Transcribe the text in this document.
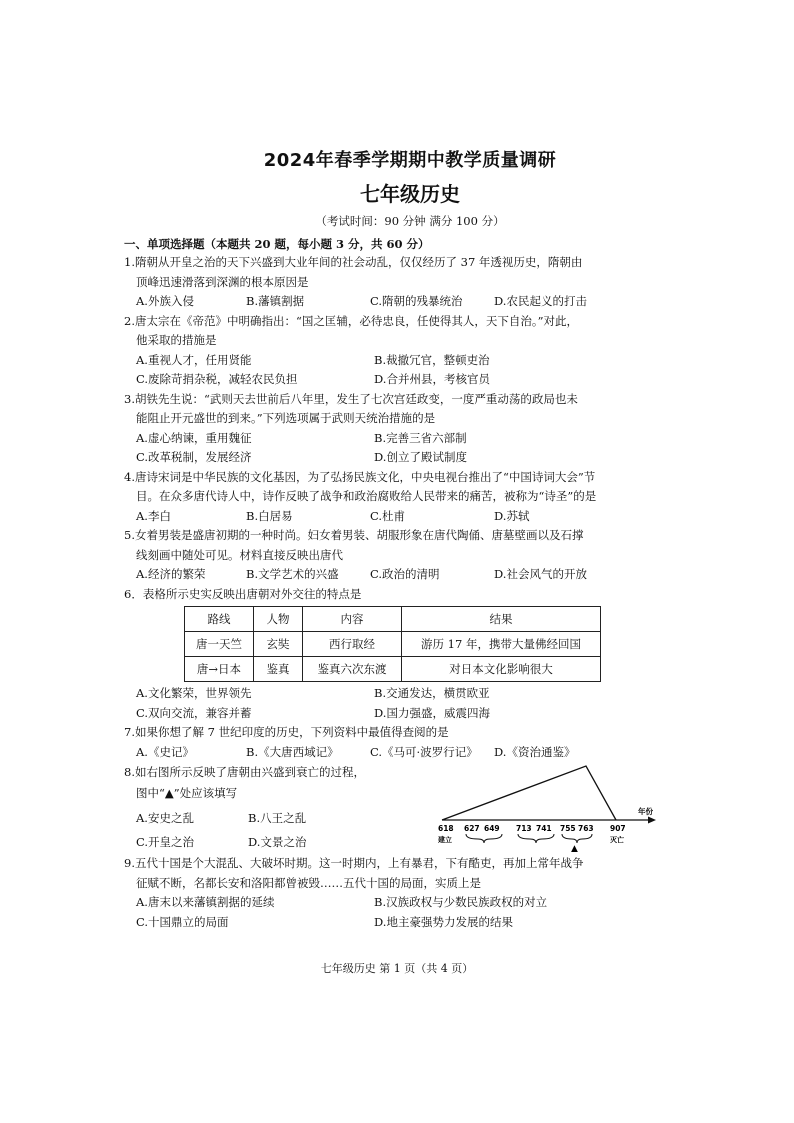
2024年春季学期期中教学质量调研
七年级历史
（考试时间：90 分钟 满分 100 分）
一、单项选择题（本题共 20 题，每小题 3 分，共 60 分）

1.隋朝从开皇之治的天下兴盛到大业年间的社会动乱，仅仅经历了 37 年透视历史，隋朝由

顶峰迅速滑落到深渊的根本原因是

A.外族入侵	B.藩镇割据	C.隋朝的残暴统治	D.农民起义的打击

2.唐太宗在《帝范》中明确指出：“国之匡辅，必待忠良，任使得其人，天下自治。”对此，

他采取的措施是

A.重视人才，任用贤能	B.裁撤冗官，整顿吏治
C.废除苛捐杂税，减轻农民负担	D.合并州县，考核官员

3.胡铁先生说：“武则天去世前后八年里，发生了七次宫廷政变，一度严重动荡的政局也未

能阻止开元盛世的到来。”下列选项属于武则天统治措施的是

A.虚心纳谏，重用魏征	B.完善三省六部制
C.改革税制，发展经济	D.创立了殿试制度

4.唐诗宋词是中华民族的文化基因，为了弘扬民族文化，中央电视台推出了“中国诗词大会”节

目。在众多唐代诗人中，诗作反映了战争和政治腐败给人民带来的痛苦，被称为“诗圣”的是

A.李白	B.白居易	C.杜甫	D.苏轼

5.女着男装是盛唐初期的一种时尚。妇女着男装、胡服形象在唐代陶俑、唐墓壁画以及石撑

线刻画中随处可见。材料直接反映出唐代

A.经济的繁荣	B.文学艺术的兴盛	C.政治的清明	D.社会风气的开放

6．表格所示史实反映出唐朝对外交往的特点是

路线	人物	内容	结果
唐一天竺	玄奘	西行取经	游历 17 年，携带大量佛经回国
唐→日本	鉴真	鉴真六次东渡	对日本文化影响很大
A.文化繁荣，世界领先	B.交通发达，横贯欧亚
C.双向交流，兼容并蓄	D.国力强盛，威震四海

7.如果你想了解 7 世纪印度的历史，下列资料中最值得查阅的是

A.《史记》	B.《大唐西域记》	C.《马可·波罗行记》	D.《资治通鉴》

8.如右图所示反映了唐朝由兴盛到衰亡的过程，

图中“▲”处应该填写

A.安史之乱	B.八王之乱
C.开皇之治	D.文景之治
年份
618 627 649 713 741 755 763 907
建立	灭亡
▲

9.五代十国是个大混乱、大破坏时期。这一时期内，上有暴君，下有酷吏，再加上常年战争

征赋不断，名都长安和洛阳都曾被毁……五代十国的局面，实质上是

A.唐末以来藩镇割据的延续	B.汉族政权与少数民族政权的对立
C.十国鼎立的局面	D.地主豪强势力发展的结果
七年级历史 第 1 页（共 4 页）
